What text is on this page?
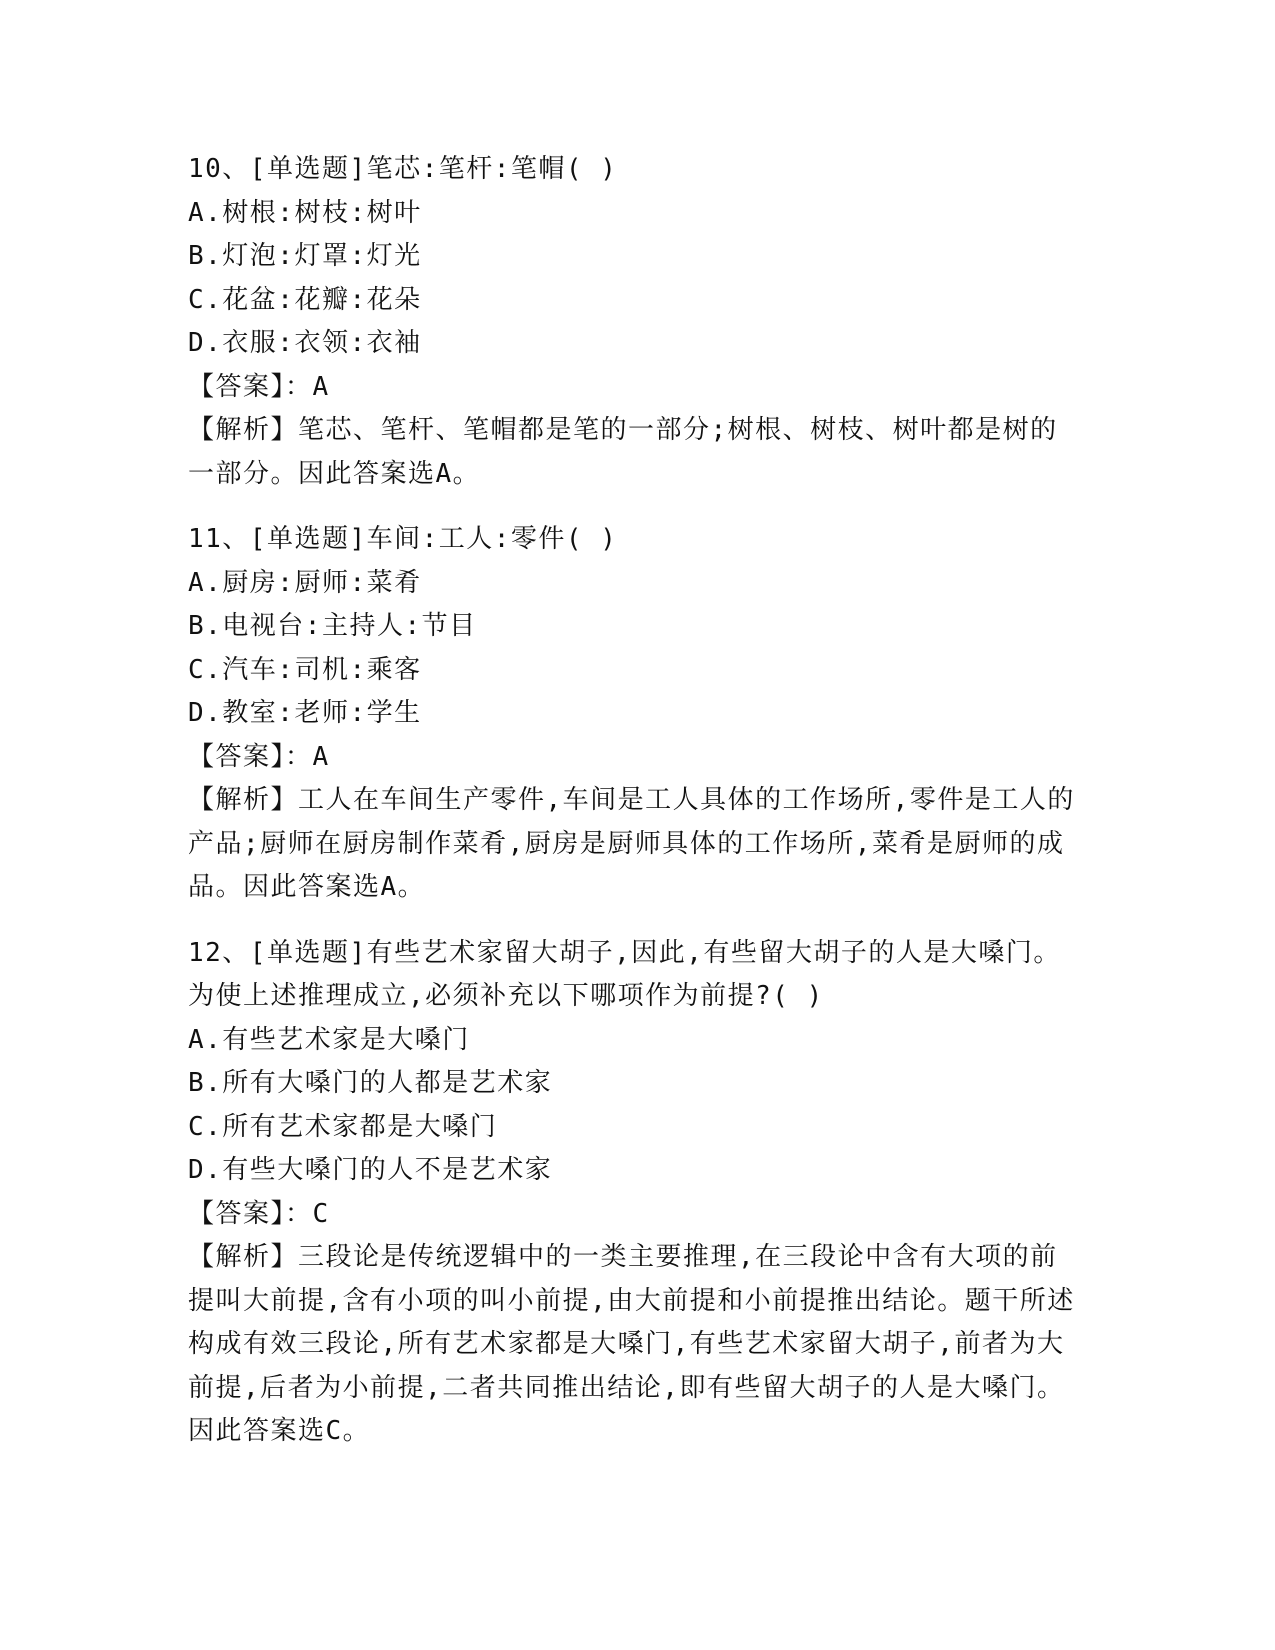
10、[单选题]笔芯:笔杆:笔帽( )
A.树根:树枝:树叶
B.灯泡:灯罩:灯光
C.花盆:花瓣:花朵
D.衣服:衣领:衣袖
【答案】：A
【解析】笔芯、笔杆、笔帽都是笔的一部分;树根、树枝、树叶都是树的一部分。因此答案选A。
11、[单选题]车间:工人:零件( )
A.厨房:厨师:菜肴
B.电视台:主持人:节目
C.汽车:司机:乘客
D.教室:老师:学生
【答案】：A
【解析】工人在车间生产零件,车间是工人具体的工作场所,零件是工人的产品;厨师在厨房制作菜肴,厨房是厨师具体的工作场所,菜肴是厨师的成品。因此答案选A。
12、[单选题]有些艺术家留大胡子,因此,有些留大胡子的人是大嗓门。为使上述推理成立,必须补充以下哪项作为前提?( )
A.有些艺术家是大嗓门
B.所有大嗓门的人都是艺术家
C.所有艺术家都是大嗓门
D.有些大嗓门的人不是艺术家
【答案】：C
【解析】三段论是传统逻辑中的一类主要推理,在三段论中含有大项的前提叫大前提,含有小项的叫小前提,由大前提和小前提推出结论。题干所述构成有效三段论,所有艺术家都是大嗓门,有些艺术家留大胡子,前者为大前提,后者为小前提,二者共同推出结论,即有些留大胡子的人是大嗓门。因此答案选C。
